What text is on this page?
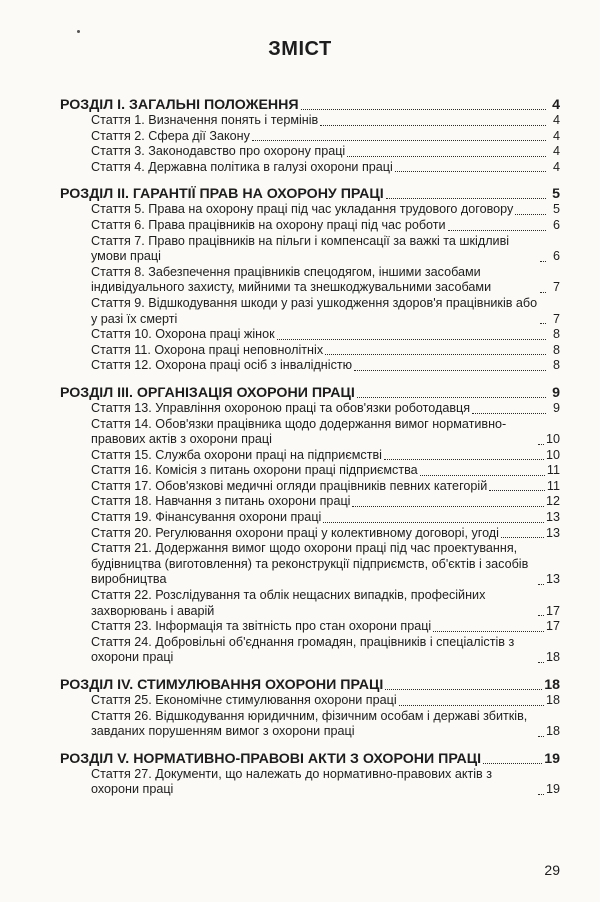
ЗМІСТ
РОЗДІЛ І. ЗАГАЛЬНІ ПОЛОЖЕННЯ	4
Стаття 1. Визначення понять і термінів	4
Стаття 2. Сфера дії Закону	4
Стаття 3. Законодавство про охорону праці	4
Стаття 4. Державна політика в галузі охорони праці	4
РОЗДІЛ ІІ. ГАРАНТІЇ ПРАВ НА ОХОРОНУ ПРАЦІ	5
Стаття 5. Права на охорону праці під час укладання трудового договору	5
Стаття 6. Права працівників на охорону праці під час роботи	6
Стаття 7. Право працівників на пільги і компенсації за важкі та шкідливі умови праці	6
Стаття 8. Забезпечення працівників спецодягом, іншими засобами індивідуального захисту, мийними та знешкоджувальними засобами	7
Стаття 9. Відшкодування шкоди у разі ушкодження здоров'я працівників або у разі їх смерті	7
Стаття 10. Охорона праці жінок	8
Стаття 11. Охорона праці неповнолітніх	8
Стаття 12. Охорона праці осіб з інвалідністю	8
РОЗДІЛ ІІІ. ОРГАНІЗАЦІЯ ОХОРОНИ ПРАЦІ	9
Стаття 13. Управління охороною праці та обов'язки роботодавця	9
Стаття 14. Обов'язки працівника щодо додержання вимог нормативно-правових актів з охорони праці	10
Стаття 15. Служба охорони праці на підприємстві	10
Стаття 16. Комісія з питань охорони праці підприємства	11
Стаття 17. Обов'язкові медичні огляди працівників певних категорій	11
Стаття 18. Навчання з питань охорони праці	12
Стаття 19. Фінансування охорони праці	13
Стаття 20. Регулювання охорони праці у колективному договорі, угоді	13
Стаття 21. Додержання вимог щодо охорони праці під час проектування, будівництва (виготовлення) та реконструкції підприємств, об'єктів і засобів виробництва	13
Стаття 22. Розслідування та облік нещасних випадків, професійних захворювань і аварій	17
Стаття 23. Інформація та звітність про стан охорони праці	17
Стаття 24. Добровільні об'єднання громадян, працівників і спеціалістів з охорони праці	18
РОЗДІЛ IV. СТИМУЛЮВАННЯ ОХОРОНИ ПРАЦІ	18
Стаття 25. Економічне стимулювання охорони праці	18
Стаття 26. Відшкодування юридичним, фізичним особам і державі збитків, завданих порушенням вимог з охорони праці	18
РОЗДІЛ V. НОРМАТИВНО-ПРАВОВІ АКТИ З ОХОРОНИ ПРАЦІ	19
Стаття 27. Документи, що належать до нормативно-правових актів з охорони праці	19
29
